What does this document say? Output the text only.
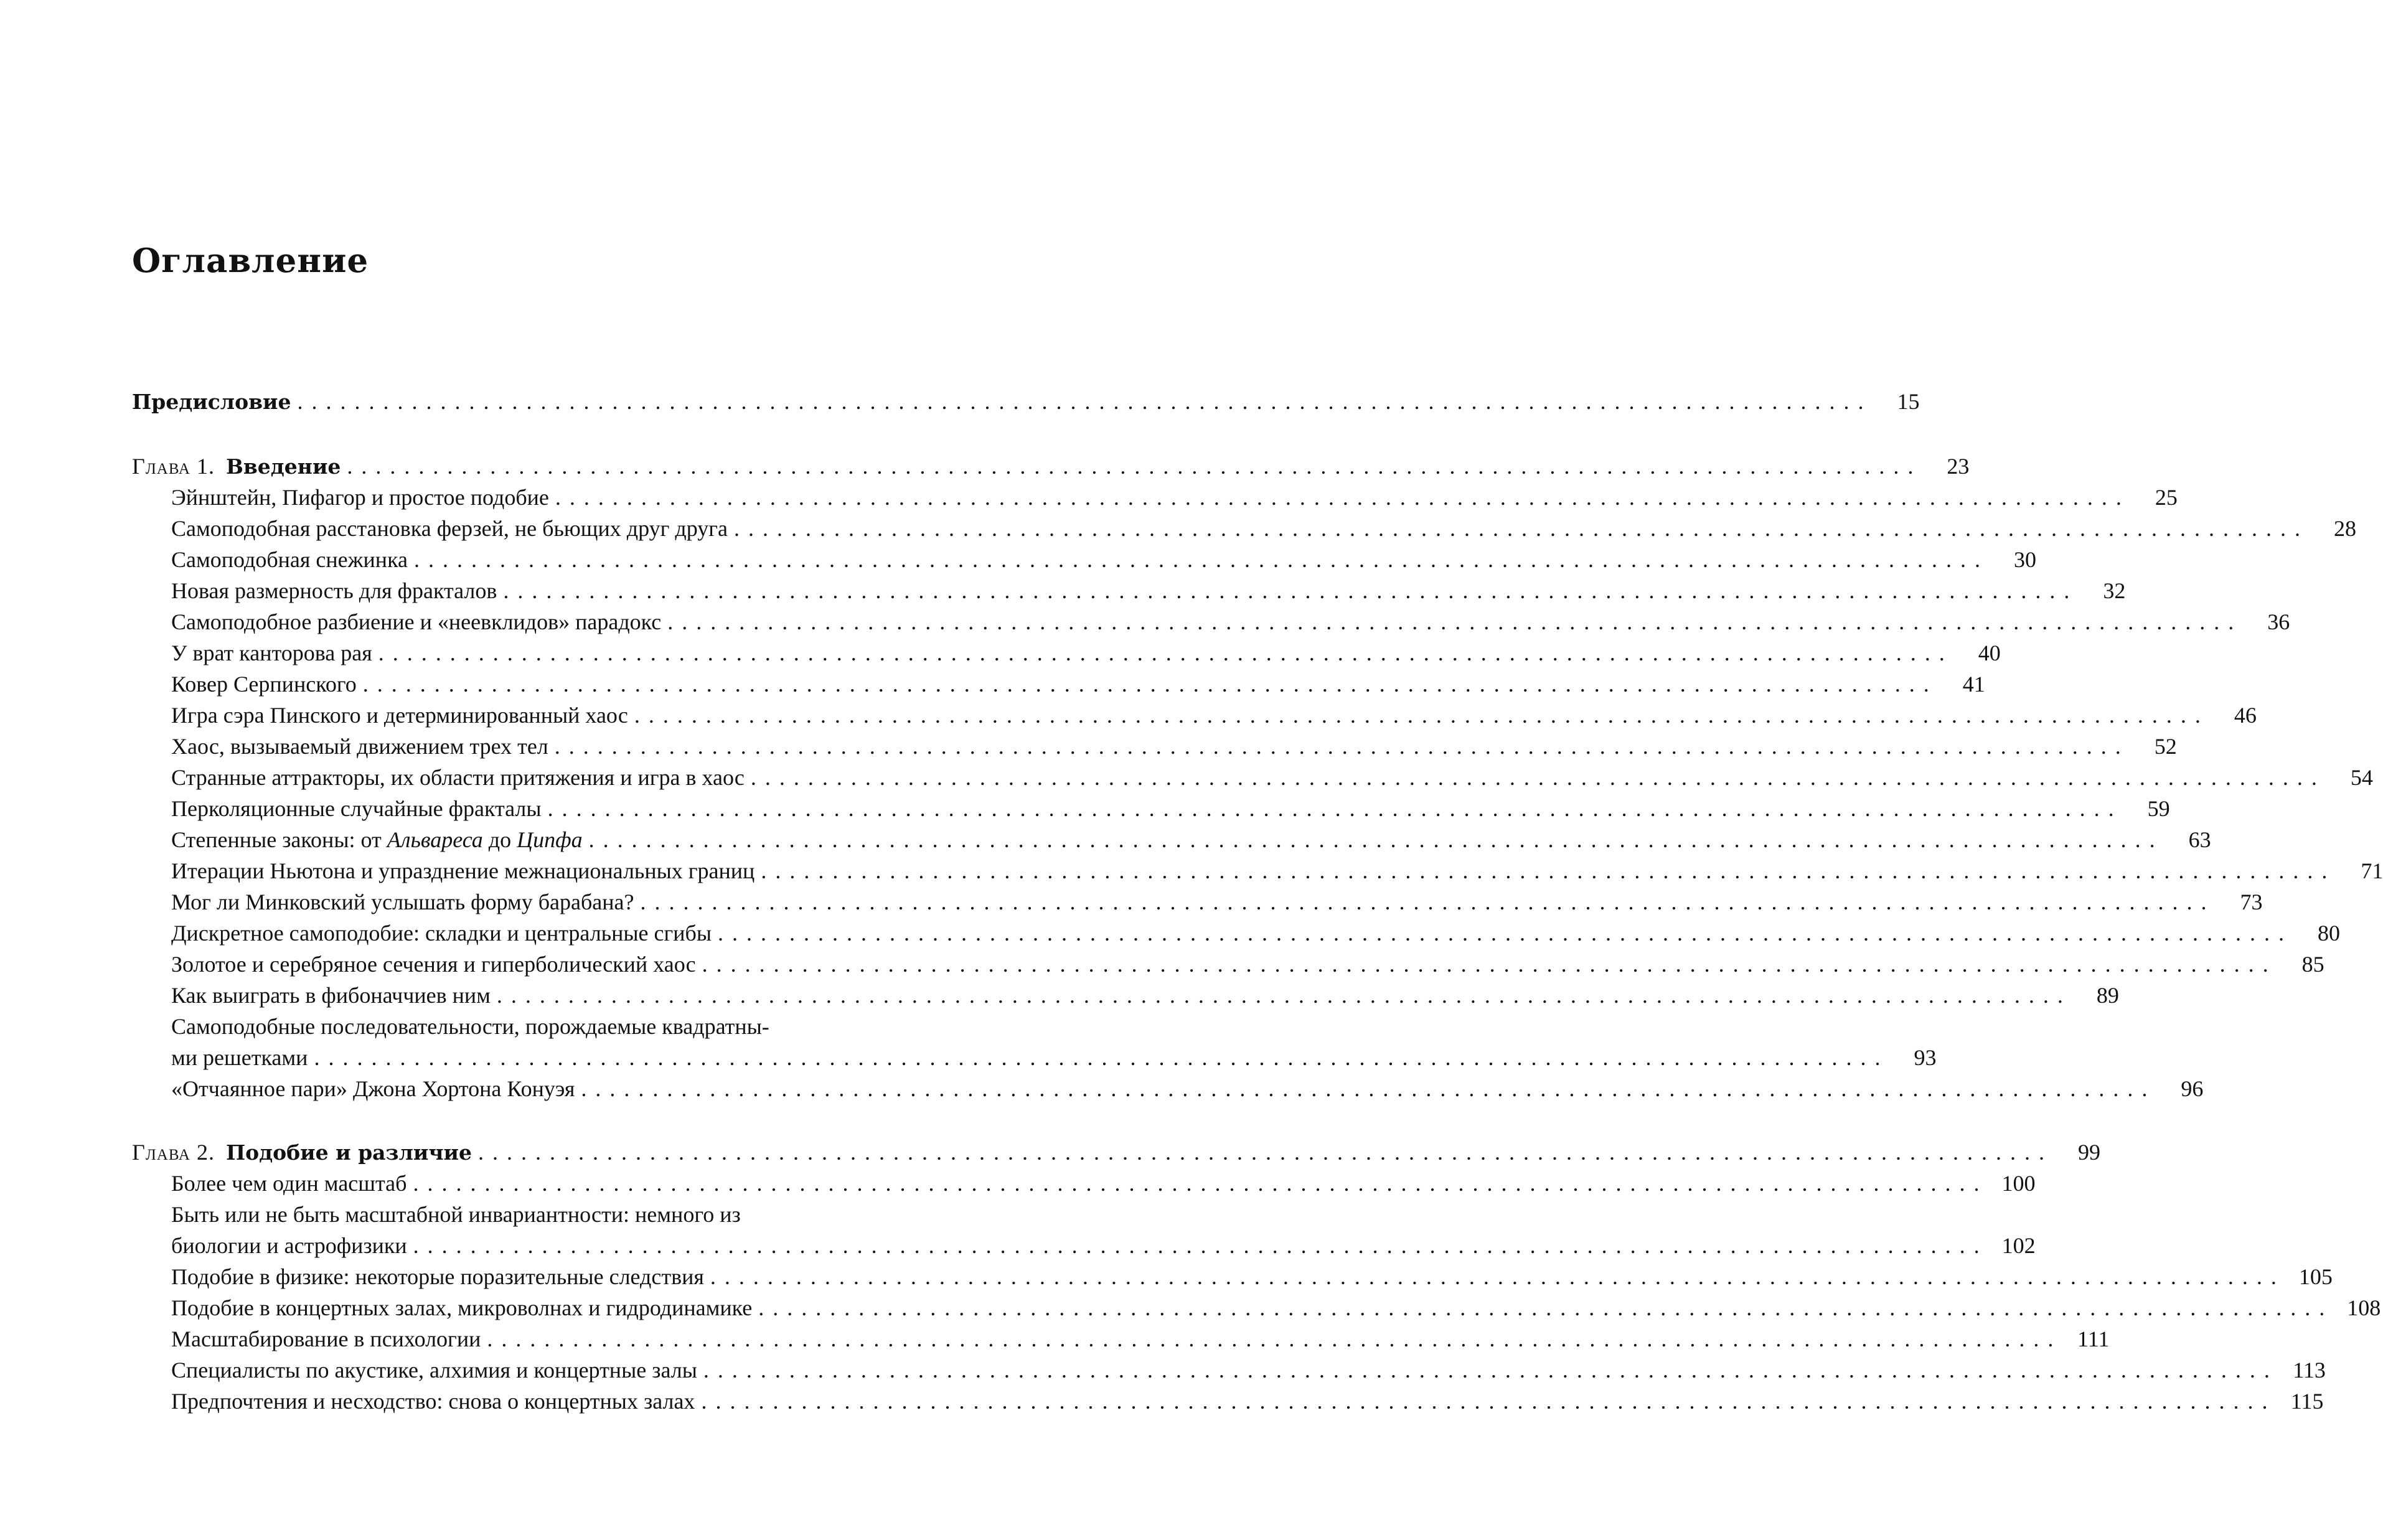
Оглавление
Предисловие ..............................................................................................................	15
Глава 1. Введение ..............................................................................................................	23
Эйнштейн, Пифагор и простое подобие ..............................................................................................................	25
Самоподобная расстановка ферзей, не бьющих друг друга ..............................................................................................................	28
Самоподобная снежинка ..............................................................................................................	30
Новая размерность для фракталов ..............................................................................................................	32
Самоподобное разбиение и «неевклидов» парадокс ..............................................................................................................	36
У врат канторова рая ..............................................................................................................	40
Ковер Серпинского ..............................................................................................................	41
Игра сэра Пинского и детерминированный хаос ..............................................................................................................	46
Хаос, вызываемый движением трех тел ..............................................................................................................	52
Странные аттракторы, их области притяжения и игра в хаос ..............................................................................................................	54
Перколяционные случайные фракталы ..............................................................................................................	59
Степенные законы: от Альвареса до Ципфа ..............................................................................................................	63
Итерации Ньютона и упразднение межнациональных границ ..............................................................................................................	71
Мог ли Минковский услышать форму барабана? ..............................................................................................................	73
Дискретное самоподобие: складки и центральные сгибы ..............................................................................................................	80
Золотое и серебряное сечения и гиперболический хаос ..............................................................................................................	85
Как выиграть в фибоначчиев ним ..............................................................................................................	89
Самоподобные последовательности, порождаемые квадратны-
ми решетками ..............................................................................................................	93
«Отчаянное пари» Джона Хортона Конуэя ..............................................................................................................	96
Глава 2. Подобие и различие ..............................................................................................................	99
Более чем один масштаб .............................................................................................................. 100
Быть или не быть масштабной инвариантности: немного из
биологии и астрофизики .............................................................................................................. 102
Подобие в физике: некоторые поразительные следствия .............................................................................................................. 105
Подобие в концертных залах, микроволнах и гидродинамике .............................................................................................................. 108
Масштабирование в психологии .............................................................................................................. 111
Специалисты по акустике, алхимия и концертные залы .............................................................................................................. 113
Предпочтения и несходство: снова о концертных залах .............................................................................................................. 115
